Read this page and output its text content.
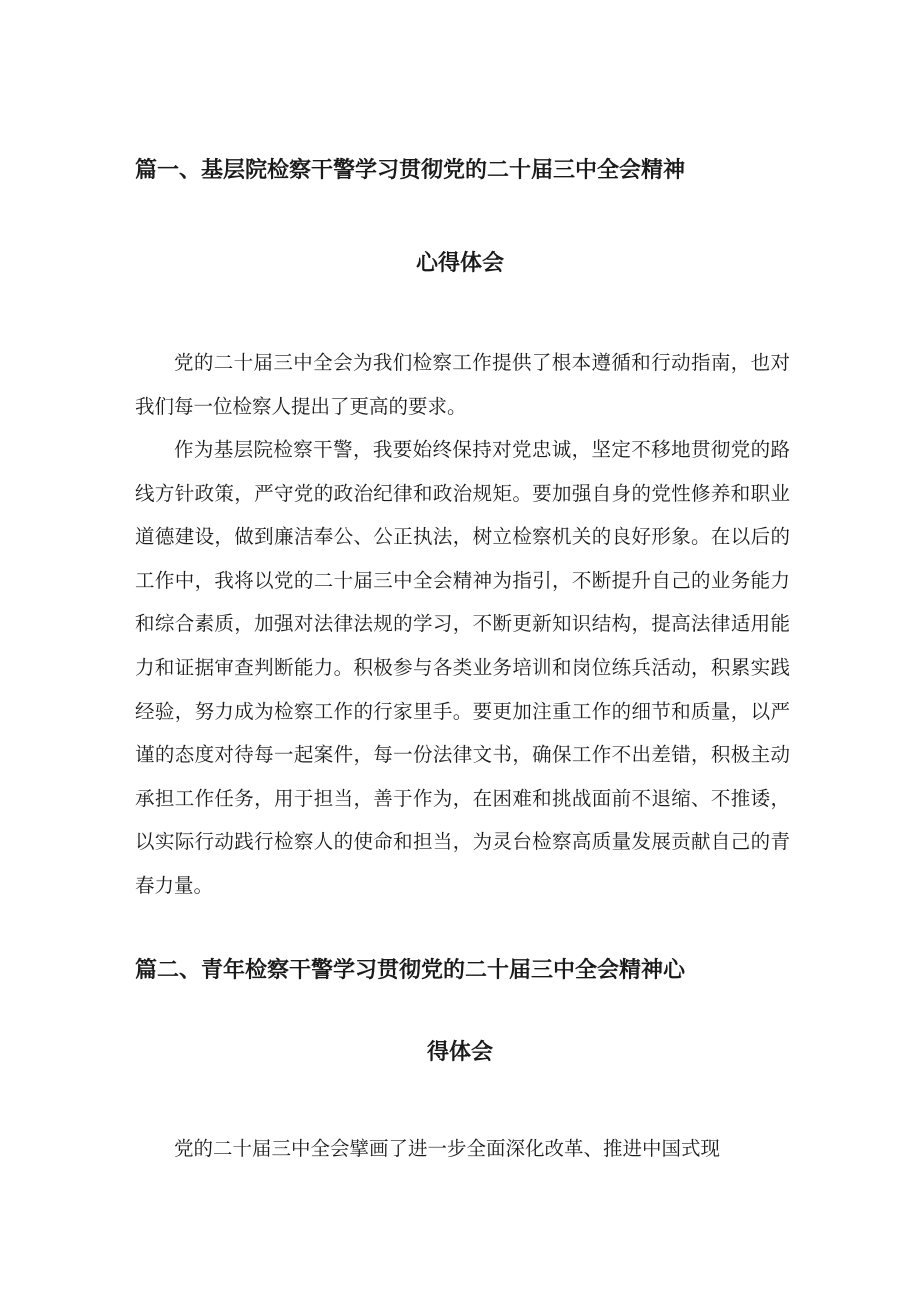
篇一、基层院检察干警学习贯彻党的二十届三中全会精神
心得体会

党的二十届三中全会为我们检察工作提供了根本遵循和行动指南，也对我们每一位检察人提出了更高的要求。

作为基层院检察干警，我要始终保持对党忠诚，坚定不移地贯彻党的路线方针政策，严守党的政治纪律和政治规矩。要加强自身的党性修养和职业道德建设，做到廉洁奉公、公正执法，树立检察机关的良好形象。在以后的工作中，我将以党的二十届三中全会精神为指引，不断提升自己的业务能力和综合素质，加强对法律法规的学习，不断更新知识结构，提高法律适用能力和证据审查判断能力。积极参与各类业务培训和岗位练兵活动，积累实践经验，努力成为检察工作的行家里手。要更加注重工作的细节和质量，以严谨的态度对待每一起案件，每一份法律文书，确保工作不出差错，积极主动承担工作任务，用于担当，善于作为，在困难和挑战面前不退缩、不推诿，以实际行动践行检察人的使命和担当，为灵台检察高质量发展贡献自己的青春力量。

篇二、青年检察干警学习贯彻党的二十届三中全会精神心
得体会

党的二十届三中全会擘画了进一步全面深化改革、推进中国式现
